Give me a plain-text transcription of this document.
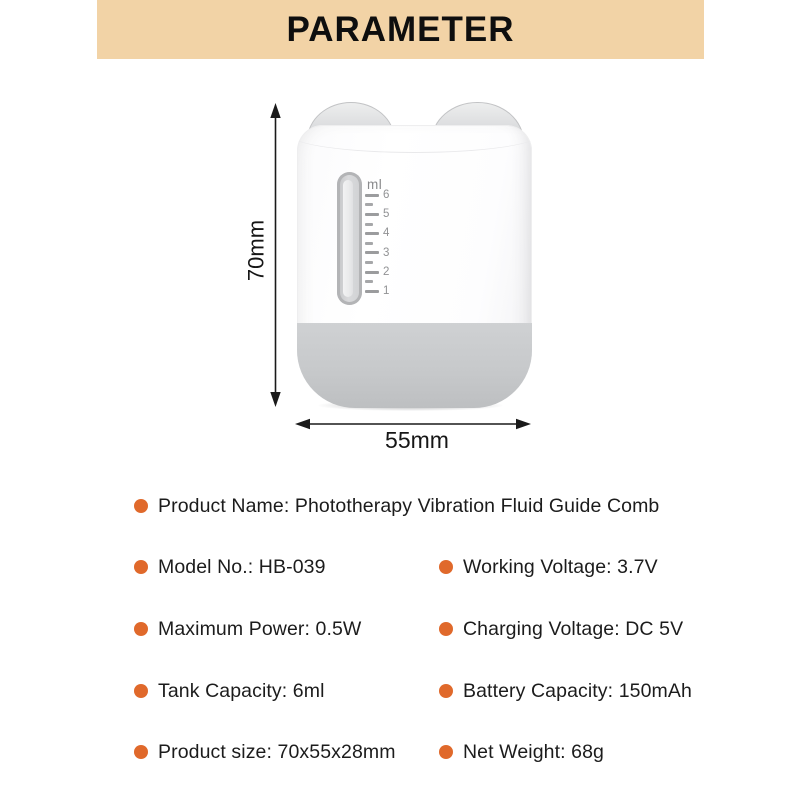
PARAMETER
ml
6
5
4
3
2
1
70mm
55mm
Product Name: Phototherapy Vibration Fluid Guide Comb
Model No.: HB-039	Working Voltage: 3.7V
Maximum Power: 0.5W	Charging Voltage: DC 5V
Tank Capacity: 6ml	Battery Capacity: 150mAh
Product size: 70x55x28mm	Net Weight: 68g
